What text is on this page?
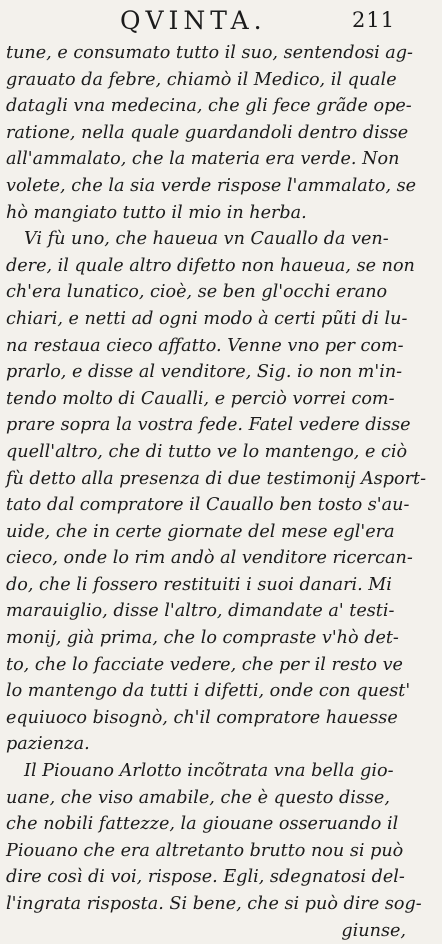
QVINTA.	211
tune, e consumato tutto il suo, sentendosi ag-
grauato da febre, chiamò il Medico, il quale
datagli vna medecina, che gli fece grãde ope-
ratione, nella quale guardandoli dentro disse
all'ammalato, che la materia era verde. Non
volete, che la sia verde rispose l'ammalato, se
hò mangiato tutto il mio in herba.
Vi fù uno, che haueua vn Cauallo da ven-
dere, il quale altro difetto non haueua, se non
ch'era lunatico, cioè, se ben gl'occhi erano
chiari, e netti ad ogni modo à certi pũti di lu-
na restaua cieco affatto. Venne vno per com-
prarlo, e disse al venditore, Sig. io non m'in-
tendo molto di Caualli, e perciò vorrei com-
prare sopra la vostra fede. Fatel vedere disse
quell'altro, che di tutto ve lo mantengo, e ciò
fù detto alla presenza di due testimonij Asport-
tato dal compratore il Cauallo ben tosto s'au-
uide, che in certe giornate del mese egl'era
cieco, onde lo rim andò al venditore ricercan-
do, che li fossero restituiti i suoi danari. Mi
marauiglio, disse l'altro, dimandate a' testi-
monij, già prima, che lo compraste v'hò det-
to, che lo facciate vedere, che per il resto ve
lo mantengo da tutti i difetti, onde con quest'
equiuoco bisognò, ch'il compratore hauesse
pazienza.
Il Piouano Arlotto incõtrata vna bella gio-
uane, che viso amabile, che è questo disse,
che nobili fattezze, la giouane osseruando il
Piouano che era altretanto brutto nou si può
dire così di voi, rispose. Egli, sdegnatosi del-
l'ingrata risposta. Si bene, che si può dire sog-
giunse,
